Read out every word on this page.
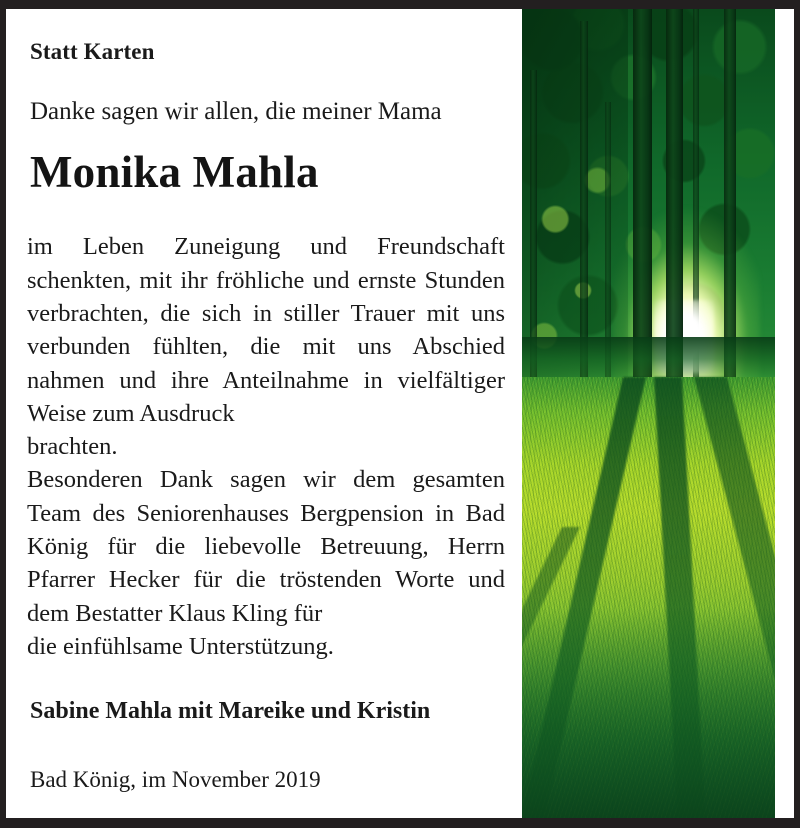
Statt Karten
Danke sagen wir allen, die meiner Mama
Monika Mahla

im Leben Zuneigung und Freundschaft schenkten, mit ihr fröhliche und ernste Stunden verbrachten, die sich in stiller Trauer mit uns verbunden fühlten, die mit uns Abschied nahmen und ihre Anteilnahme in vielfältiger Weise zum Ausdruck
brachten.

Besonderen Dank sagen wir dem gesamten Team des Seniorenhauses Bergpension in Bad König für die liebevolle Betreuung, Herrn Pfarrer Hecker für die tröstenden Worte und dem Bestatter Klaus Kling für
die einfühlsame Unterstützung.

Sabine Mahla mit Mareike und Kristin
Bad König, im November 2019
